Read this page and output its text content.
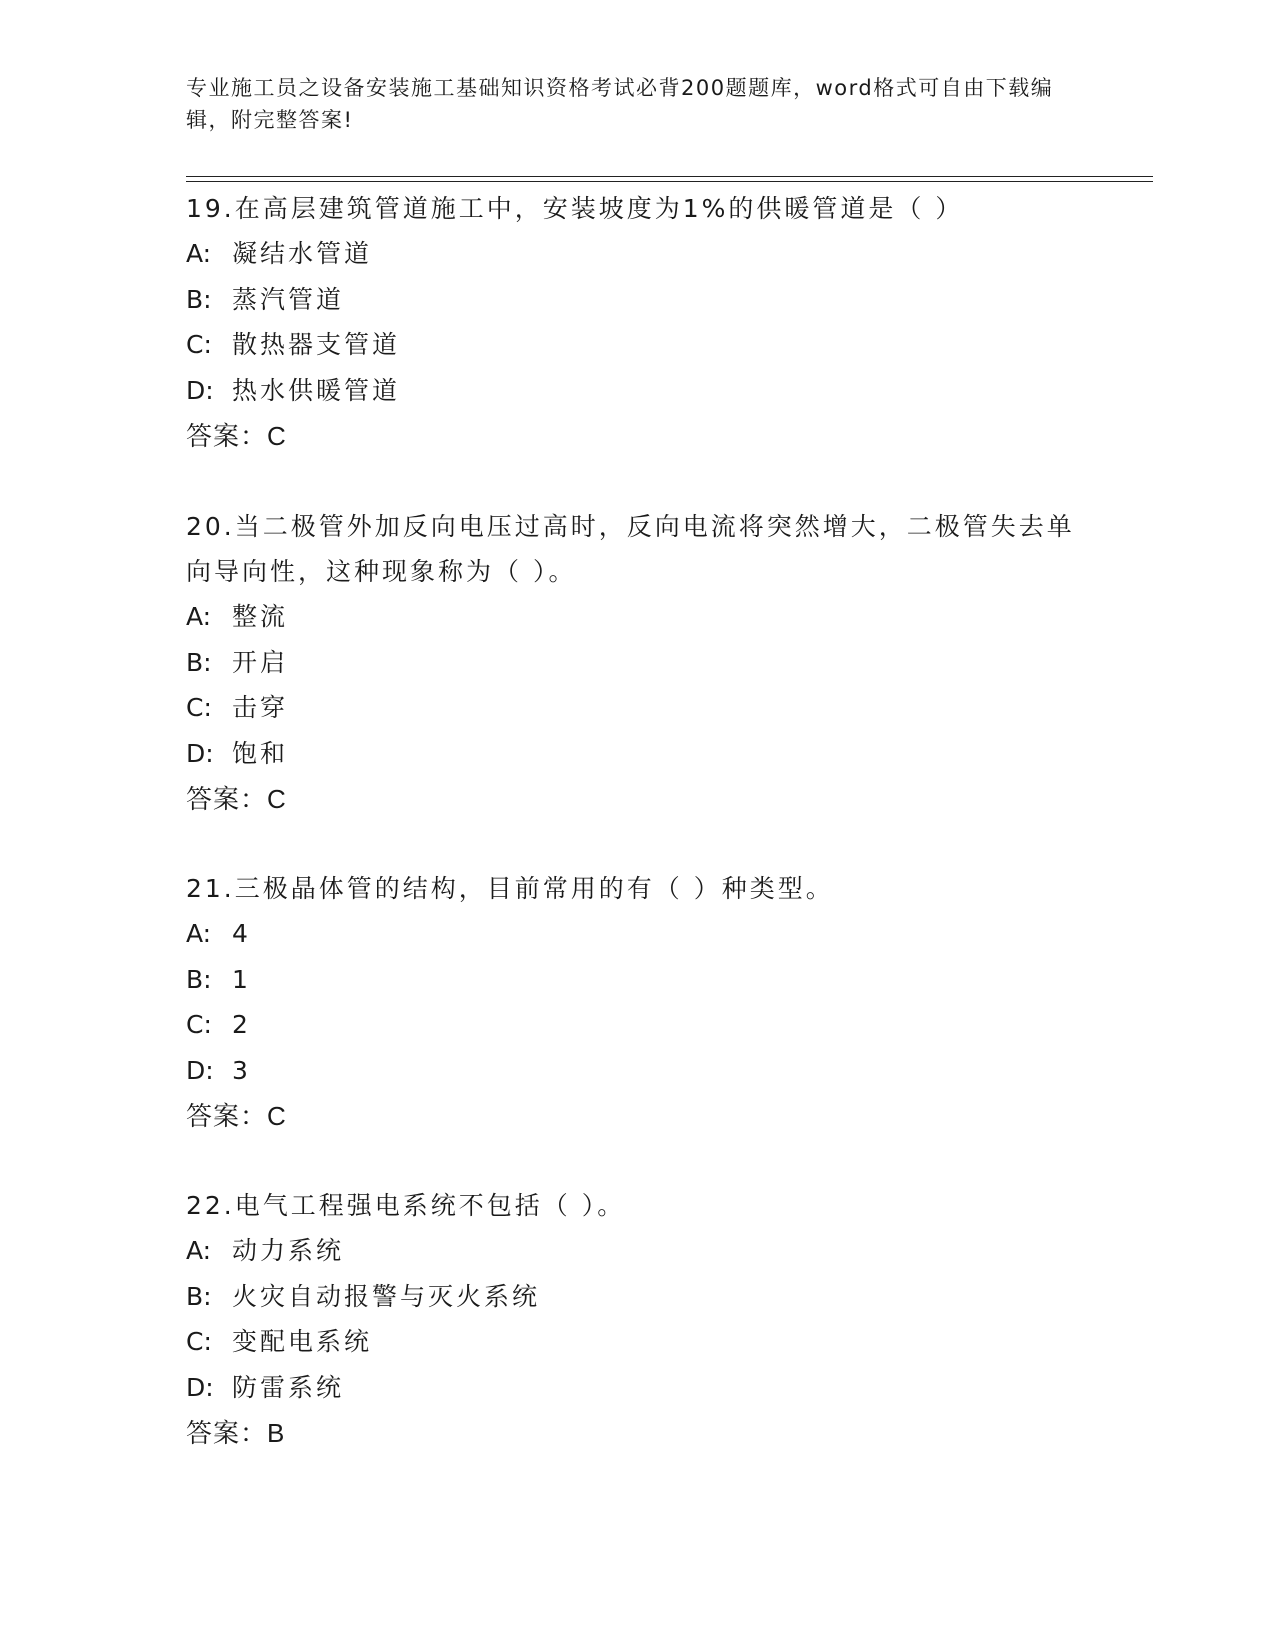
专业施工员之设备安装施工基础知识资格考试必背200题题库，word格式可自由下载编辑，附完整答案!

19.在高层建筑管道施工中，安装坡度为1%的供暖管道是（ ）

A: 凝结水管道

B: 蒸汽管道

C: 散热器支管道

D: 热水供暖管道

答案：C

20.当二极管外加反向电压过高时，反向电流将突然增大，二极管失去单向导向性，这种现象称为（ ）。

A: 整流

B: 开启

C: 击穿

D: 饱和

答案：C

21.三极晶体管的结构，目前常用的有（ ）种类型。

A: 4

B: 1

C: 2

D: 3

答案：C

22.电气工程强电系统不包括（ ）。

A: 动力系统

B: 火灾自动报警与灭火系统

C: 变配电系统

D: 防雷系统

答案：B
